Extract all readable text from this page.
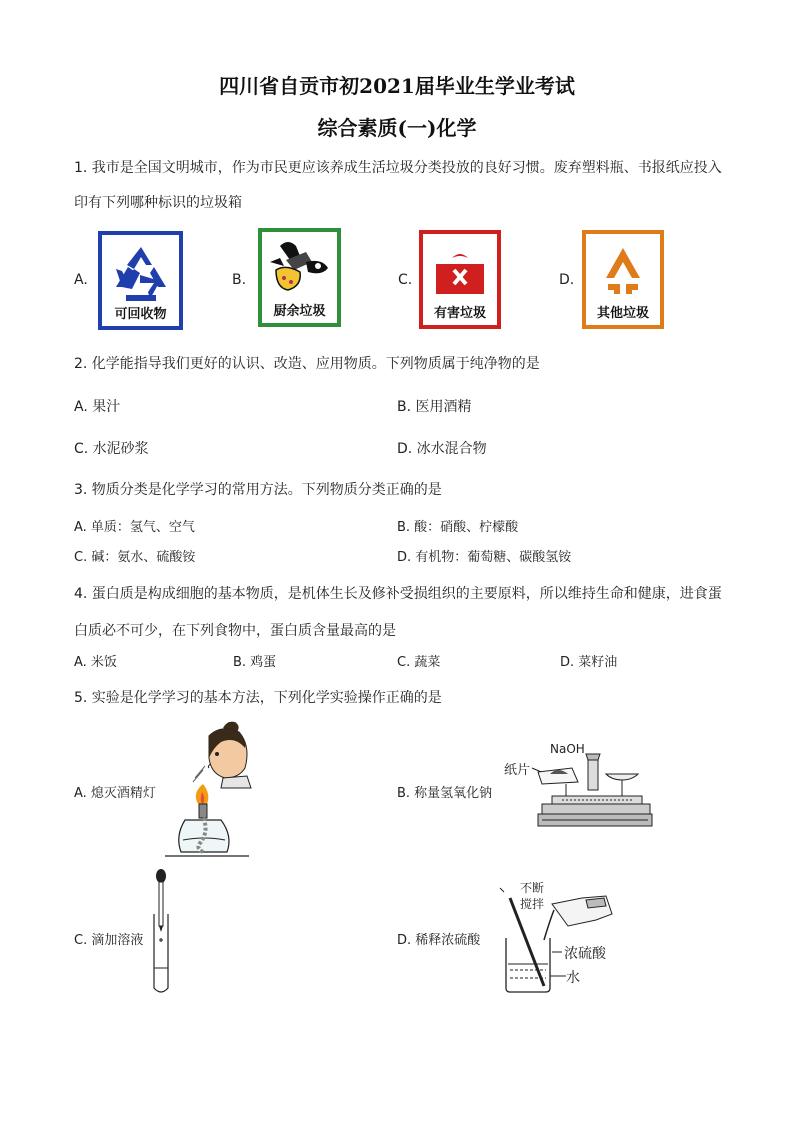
四川省自贡市初2021届毕业生学业考试
综合素质(一)化学
1. 我市是全国文明城市，作为市民更应该养成生活垃圾分类投放的良好习惯。废弃塑料瓶、书报纸应投入
印有下列哪种标识的垃圾箱
A.
可回收物
B.
厨余垃圾
C.
有害垃圾
D.
其他垃圾
2. 化学能指导我们更好的认识、改造、应用物质。下列物质属于纯净物的是
A. 果汁	B. 医用酒精
C. 水泥砂浆	D. 冰水混合物
3. 物质分类是化学学习的常用方法。下列物质分类正确的是
A. 单质：氢气、空气	B. 酸：硝酸、柠檬酸
C. 碱：氨水、硫酸铵	D. 有机物：葡萄糖、碳酸氢铵
4. 蛋白质是构成细胞的基本物质，是机体生长及修补受损组织的主要原料，所以维持生命和健康，进食蛋
白质必不可少，在下列食物中，蛋白质含量最高的是
A. 米饭	B. 鸡蛋	C. 蔬菜	D. 菜籽油
5. 实验是化学学习的基本方法，下列化学实验操作正确的是
A. 熄灭酒精灯	B. 称量氢氧化钠
NaOH
纸片
C. 滴加溶液	D. 稀释浓硫酸
不断
搅拌
浓硫酸
水
